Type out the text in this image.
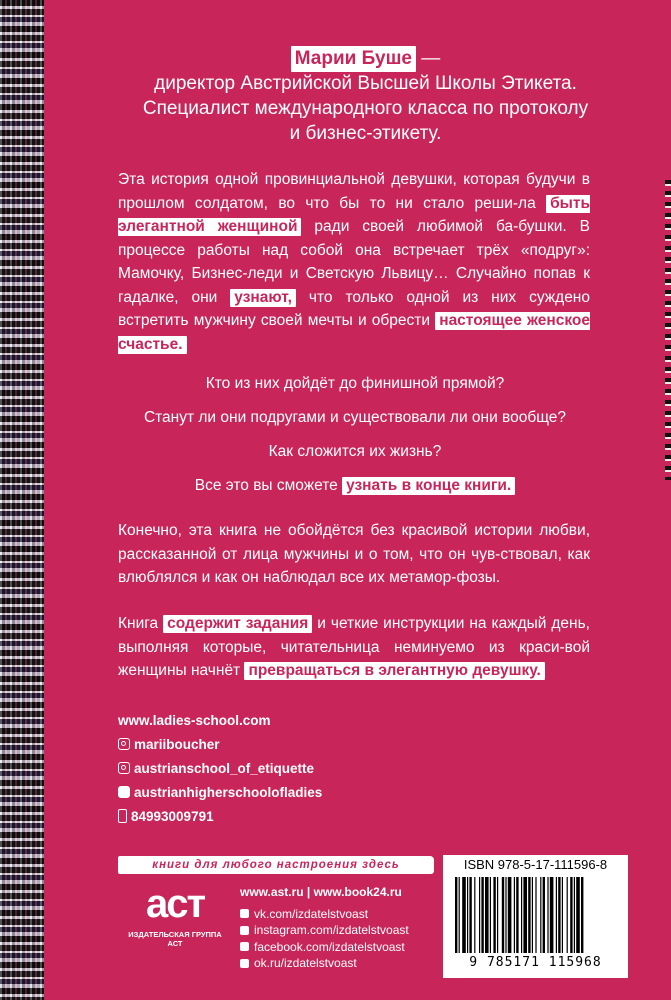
Марии Буше —
директор Австрийской Высшей Школы Этикета.
Специалист международного класса по протоколу
и бизнес-этикету.
Эта история одной провинциальной девушки, которая будучи в прошлом солдатом, во что бы то ни стало реши-ла быть элегантной женщиной ради своей любимой ба-бушки. В процессе работы над собой она встречает трёх «подруг»: Мамочку, Бизнес-леди и Светскую Львицу… Случайно попав к гадалке, они узнают, что только одной из них суждено встретить мужчину своей мечты и обрести настоящее женское счастье.
Кто из них дойдёт до финишной прямой?
Станут ли они подругами и существовали ли они вообще?
Как сложится их жизнь?
Все это вы сможете узнать в конце книги.
Конечно, эта книга не обойдётся без красивой истории любви, рассказанной от лица мужчины и о том, что он чув-ствовал, как влюблялся и как он наблюдал все их метамор-фозы.
Книга содержит задания и четкие инструкции на каждый день, выполняя которые, читательница неминуемо из краси-вой женщины начнёт превращаться в элегантную девушку.
www.ladies-school.com
mariiboucher
austrianschool_of_etiquette
austrianhigherschoolofladies
84993009791
книги для любого настроения здесь
аст
ИЗДАТЕЛЬСКАЯ ГРУППА АСТ
www.ast.ru | www.book24.ru
vk.com/izdatelstvoast
instagram.com/izdatelstvoast
facebook.com/izdatelstvoast
ok.ru/izdatelstvoast
ISBN 978-5-17-111596-8
9 785171 115968
